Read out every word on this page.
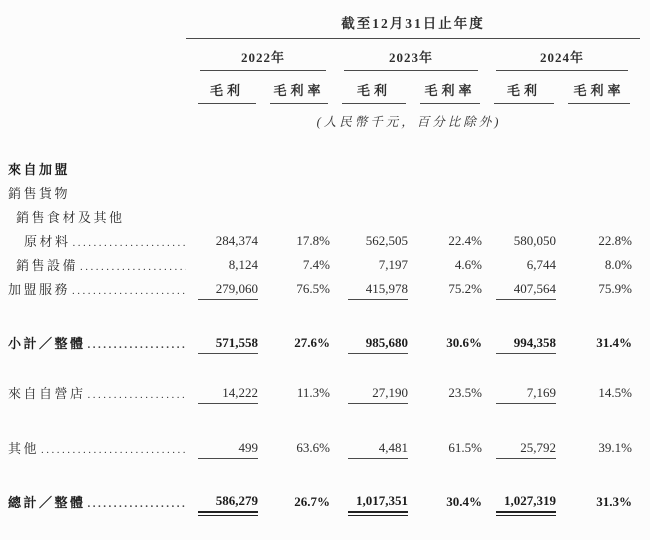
截至12月31日止年度
2022年	2023年	2024年
毛利	毛利率	毛利	毛利率	毛利	毛利率
(人民幣千元，百分比除外)
來自加盟
銷售貨物
銷售食材及其他
原材料 .....	284,374	17.8%	562,505	22.4%	580,050	22.8%
銷售設備 .....	8,124	7.4%	7,197	4.6%	6,744	8.0%
加盟服務 .....	279,060	76.5%	415,978	75.2%	407,564	75.9%
小計／整體 .....	571,558	27.6%	985,680	30.6%	994,358	31.4%
來自自營店 .....	14,222	11.3%	27,190	23.5%	7,169	14.5%
其他 .....	499	63.6%	4,481	61.5%	25,792	39.1%
總計／整體 .....	586,279	26.7%	1,017,351	30.4%	1,027,319	31.3%
